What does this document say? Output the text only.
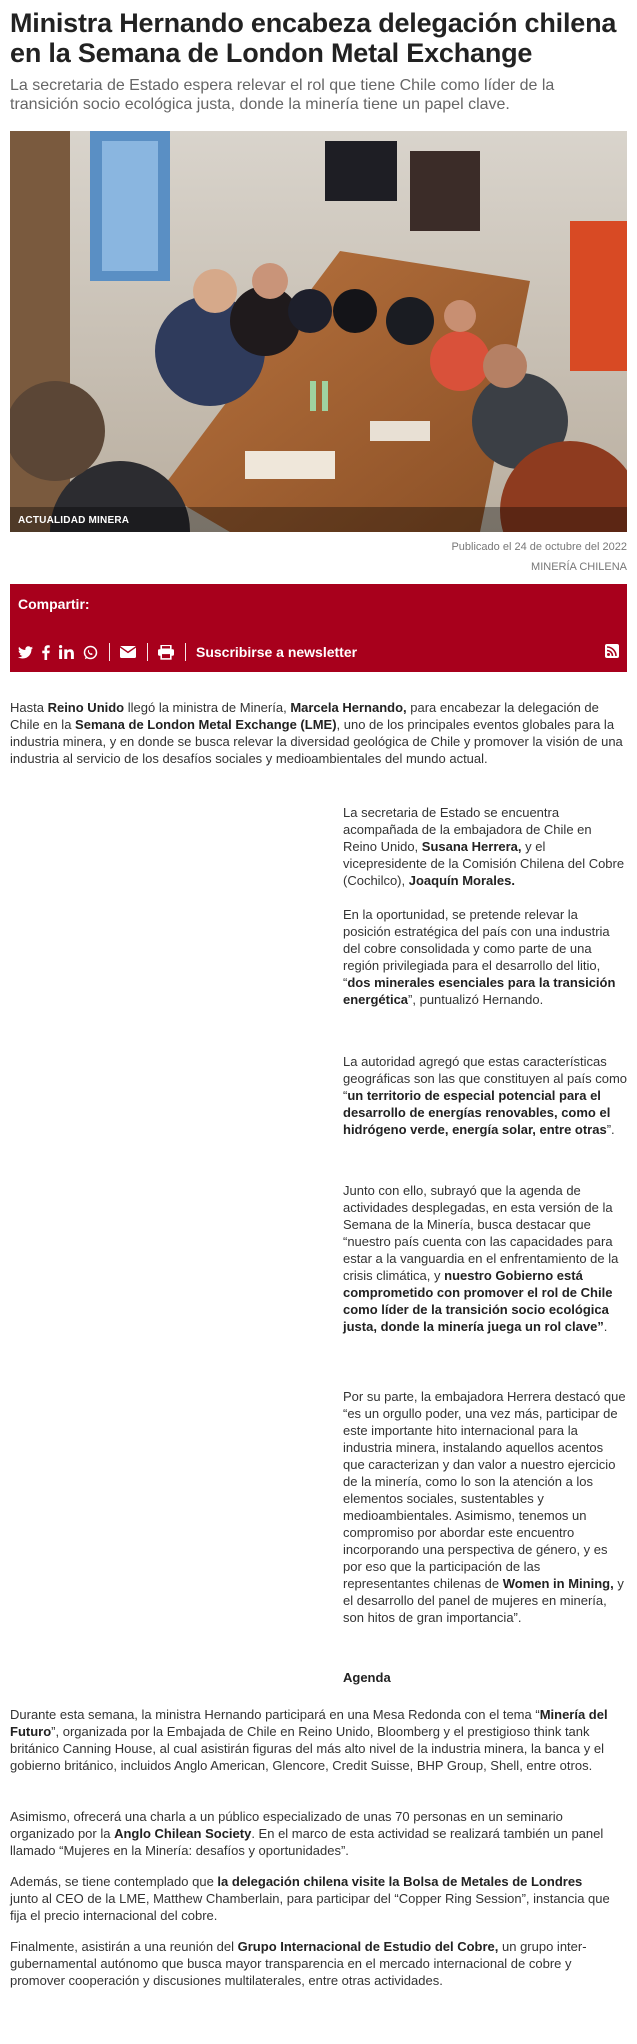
Ministra Hernando encabeza delegación chilena en la Semana de London Metal Exchange

La secretaria de Estado espera relevar el rol que tiene Chile como líder de la transición socio ecológica justa, donde la minería tiene un papel clave.

ACTUALIDAD MINERA
Publicado el 24 de octubre del 2022
MINERÍA CHILENA
Compartir:
Suscribirse a newsletter

Hasta Reino Unido llegó la ministra de Minería, Marcela Hernando, para encabezar la delegación de Chile en la Semana de London Metal Exchange (LME), uno de los principales eventos globales para la industria minera, y en donde se busca relevar la diversidad geológica de Chile y promover la visión de una industria al servicio de los desafíos sociales y medioambientales del mundo actual.

La secretaria de Estado se encuentra acompañada de la embajadora de Chile en Reino Unido, Susana Herrera, y el vicepresidente de la Comisión Chilena del Cobre (Cochilco), Joaquín Morales.

En la oportunidad, se pretende relevar la posición estratégica del país con una industria del cobre consolidada y como parte de una región privilegiada para el desarrollo del litio, “dos minerales esenciales para la transición energética”, puntualizó Hernando.

La autoridad agregó que estas características geográficas son las que constituyen al país como “un territorio de especial potencial para el desarrollo de energías renovables, como el hidrógeno verde, energía solar, entre otras”.

Junto con ello, subrayó que la agenda de actividades desplegadas, en esta versión de la Semana de la Minería, busca destacar que “nuestro país cuenta con las capacidades para estar a la vanguardia en el enfrentamiento de la crisis climática, y nuestro Gobierno está comprometido con promover el rol de Chile como líder de la transición socio ecológica justa, donde la minería juega un rol clave”.

Por su parte, la embajadora Herrera destacó que “es un orgullo poder, una vez más, participar de este importante hito internacional para la industria minera, instalando aquellos acentos que caracterizan y dan valor a nuestro ejercicio de la minería, como lo son la atención a los elementos sociales, sustentables y medioambientales. Asimismo, tenemos un compromiso por abordar este encuentro incorporando una perspectiva de género, y es por eso que la participación de las representantes chilenas de Women in Mining, y el desarrollo del panel de mujeres en minería, son hitos de gran importancia”.

Agenda

Durante esta semana, la ministra Hernando participará en una Mesa Redonda con el tema “Minería del Futuro”, organizada por la Embajada de Chile en Reino Unido, Bloomberg y el prestigioso think tank británico Canning House, al cual asistirán figuras del más alto nivel de la industria minera, la banca y el gobierno británico, incluidos Anglo American, Glencore, Credit Suisse, BHP Group, Shell, entre otros.

Asimismo, ofrecerá una charla a un público especializado de unas 70 personas en un seminario organizado por la Anglo Chilean Society. En el marco de esta actividad se realizará también un panel llamado “Mujeres en la Minería: desafíos y oportunidades”.

Además, se tiene contemplado que la delegación chilena visite la Bolsa de Metales de Londres junto al CEO de la LME, Matthew Chamberlain, para participar del “Copper Ring Session”, instancia que fija el precio internacional del cobre.

Finalmente, asistirán a una reunión del Grupo Internacional de Estudio del Cobre, un grupo inter-gubernamental autónomo que busca mayor transparencia en el mercado internacional de cobre y promover cooperación y discusiones multilaterales, entre otras actividades.
